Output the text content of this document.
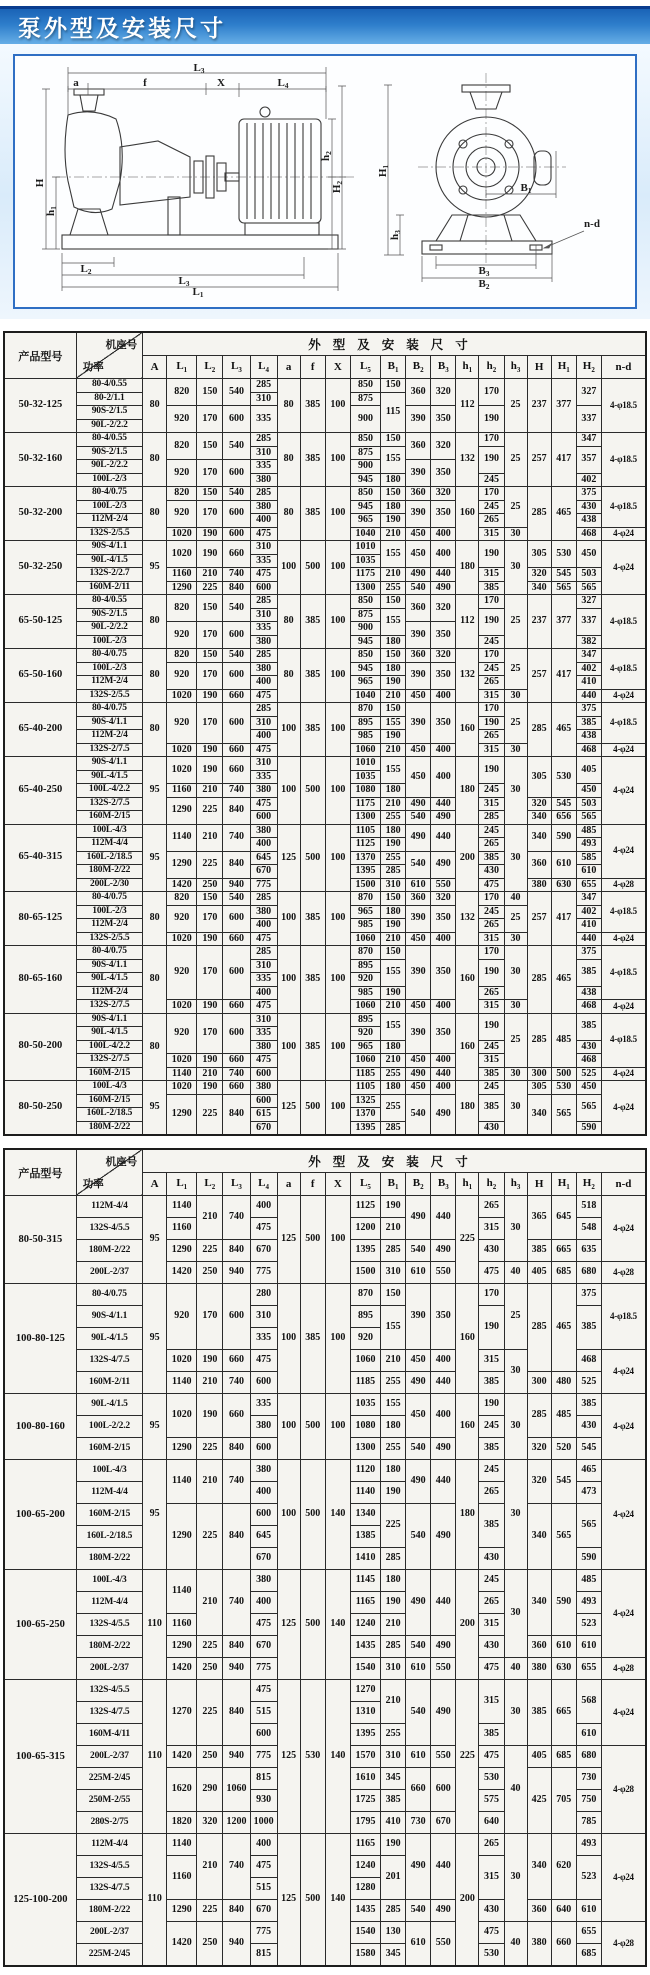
泵外型及安装尺寸
L3
a	f	X	L4
h2
H2
H1
B1
h1
H
h3
n-d
L2
L3
L1
B3
B2
产品型号	机座号
功率	外型及安装尺寸																		
		A	$L_1$	$L_2$	$L_3$	$L_4$	a	f	X	$L_5$	$B_1$	$B_2$	$B_3$	$h_1$	$h_2$	$h_3$	H	$H_1$	$H_2$	n-d
50-32-125	80-4/0.55	80	820	150	540	285	80	385	100	850	150	360	320	112	170	25	237	377	327	4-φ18.5
	80-2/1.1					310				875	115									
	90S-2/1.5		920	170	600	335				900		390	350		190				337	
	90L-2/2.2																			
50-32-160	80-4/0.55	80	820	150	540	285	80	385	100	850	150	360	320	132	170	25	257	417	347	4-φ18.5
	90S-2/1.5					310				875	155				190				357	
	90L-2/2.2		920	170	600	335				900		390	350							
	100L-2/3					380				945	180				245				402	
50-32-200	80-4/0.75	80	820	150	540	285	80	385	100	850	150	360	320	160	170	25	285	465	375	4-φ18.5
	100L-2/3		920	170	600	380				945	180	390	350		245				430	
	112M-2/4					400				965	190				265				438	
	132S-2/5.5		1020	190	600	475				1040	210	450	400		315	30			468	4-φ24
50-32-250	90S-4/1.1	95	1020	190	660	310	100	500	100	1010	155	450	400	180	190	30	305	530	450	4-φ24
	90L-4/1.5					335				1035										
	132S-2/2.7		1160	210	740	475				1175	210	490	440		315		320	545	503	
	160M-2/11		1290	225	840	600				1300	255	540	490		385		340	565	565	
65-50-125	80-4/0.55	80	820	150	540	285	80	385	100	850	150	360	320	112	170	25	237	377	327	4-φ18.5
	90S-2/1.5					310				875	155				190				337	
	90L-2/2.2		920	170	600	335				900		390	350							
	100L-2/3					380				945	180				245				382	
65-50-160	80-4/0.75	80	820	150	540	285	80	385	100	850	150	360	320	132	170	25	257	417	347	4-φ18.5
	100L-2/3		920	170	600	380				945	180	390	350		245				402	
	112M-2/4					400				965	190				265				410	
	132S-2/5.5		1020	190	660	475				1040	210	450	400		315	30			440	4-φ24
65-40-200	80-4/0.75	80	920	170	600	285	100	385	100	870	150	390	350	160	170	25	285	465	375	4-φ18.5
	90S-4/1.1					310				895	155				190				385	
	112M-2/4					400				985	190				265				438	
	132S-2/7.5		1020	190	660	475				1060	210	450	400		315	30			468	4-φ24
65-40-250	90S-4/1.1	95	1020	190	660	310	100	500	100	1010	155	450	400	180	190	30	305	530	405	4-φ24
	90L-4/1.5					335				1035										
	100L-4/2.2		1160	210	740	380				1080	180				245				450	
	132S-2/7.5		1290	225	840	475				1175	210	490	440		315		320	545	503	
	160M-2/15					600				1300	255	540	490		285		340	656	565	
65-40-315	100L-4/3	95	1140	210	740	380	125	500	100	1105	180	490	440	200	245	30	340	590	485	4-φ24
	112M-4/4					400				1125	190				265				493	
	160L-2/18.5		1290	225	840	645				1370	255	540	490		385		360	610	585	
	180M-2/22					670				1395	285				430				610	
	200L-2/30		1420	250	940	775				1500	310	610	550		475		380	630	655	4-φ28
80-65-125	80-4/0.75	80	820	150	540	285	100	385	100	870	150	360	320	132	170	40	257	417	347	4-φ18.5
	100L-2/3		920	170	600	380				965	180	390	350		245	25			402	
	112M-2/4					400				985	190				265				410	
	132S-2/5.5		1020	190	660	475				1060	210	450	400		315	30			440	4-φ24
80-65-160	80-4/0.75	80	920	170	600	285	100	385	100	870	150	390	350	160	170	30	285	465	375	4-φ18.5
	90S-4/1.1					310				895	155				190				385	
	90L-4/1.5					335				920										
	112M-2/4					400				985	190				265				438	
	132S-2/7.5		1020	190	660	475				1060	210	450	400		315	30			468	4-φ24
80-50-200	90S-4/1.1	80	920	170	600	310	100	385	100	895	155	390	350	160	190	25	285	485	385	4-φ18.5
	90L-4/1.5					335				920										
	100L-4/2.2					380				965	180				245				430	
	132S-2/7.5		1020	190	660	475				1060	210	450	400		315				468	
	160M-2/15		1140	210	740	600				1185	255	490	440		385	30	300	500	525	4-φ24
80-50-250	100L-4/3	95	1020	190	660	380	125	500	100	1105	180	450	400	180	245	30	305	530	450	4-φ24
	160M-2/15		1290	225	840	600				1325	255	540	490		385		340	565	565	
	160L-2/18.5					615				1370										
	180M-2/22					670				1395	285				430				590	
产品型号	机座号
功率	外型及安装尺寸																		
		A	$L_1$	$L_2$	$L_3$	$L_4$	a	f	X	$L_5$	$B_1$	$B_2$	$B_3$	$h_1$	$h_2$	$h_3$	H	$H_1$	$H_2$	n-d
80-50-315	112M-4/4	95	1140	210	740	400	125	500	100	1125	190	490	440	225	265	30	365	645	518	4-φ24
	132S-4/5.5		1160			475				1200	210				315				548	
	180M-2/22		1290	225	840	670				1395	285	540	490		430		385	665	635	
	200L-2/37		1420	250	940	775				1500	310	610	550		475	40	405	685	680	4-φ28
100-80-125	80-4/0.75	95	920	170	600	280	100	385	100	870	150	390	350	160	170	25	285	465	375	4-φ18.5
	90S-4/1.1					310				895	155				190				385	
	90L-4/1.5					335				920										
	132S-4/7.5		1020	190	660	475				1060	210	450	400		315	30			468	4-φ24
	160M-2/11		1140	210	740	600				1185	255	490	440		385		300	480	525	
100-80-160	90L-4/1.5	95	1020	190	660	335	100	500	100	1035	155	450	400	160	190	30	285	485	385	4-φ24
	100L-2/2.2					380				1080	180				245				430	
	160M-2/15		1290	225	840	600				1300	255	540	490		385		320	520	545	
100-65-200	100L-4/3	95	1140	210	740	380	100	500	140	1120	180	490	440	180	245	30	320	545	465	4-φ24
	112M-4/4					400				1140	190				265				473	
	160M-2/15		1290	225	840	600				1340	225	540	490		385		340	565	565	
	160L-2/18.5					645				1385										
	180M-2/22					670				1410	285				430				590	
100-65-250	100L-4/3	110	1140	210	740	380	125	500	140	1145	180	490	440	200	245	30	340	590	485	4-φ24
	112M-4/4					400				1165	190				265				493	
	132S-4/5.5		1160			475				1240	210				315				523	
	180M-2/22		1290	225	840	670				1435	285	540	490		430		360	610	610	
	200L-2/37		1420	250	940	775				1540	310	610	550		475	40	380	630	655	4-φ28
100-65-315	132S-4/5.5	110	1270	225	840	475	125	530	140	1270	210	540	490	225	315	30	385	665	568	4-φ24
	132S-4/7.5					515				1310										
	160M-4/11					600				1395	255				385				610	
	200L-2/37		1420	250	940	775				1570	310	610	550		475	40	405	685	680	4-φ28
	225M-2/45		1620	290	1060	815				1610	345	660	600		530		425	705	730	
	250M-2/55					930				1725	385				575				750	
	280S-2/75		1820	320	1200	1000				1795	410	730	670		640				785	
125-100-200	112M-4/4	110	1140	210	740	400	125	500	140	1165	190	490	440	200	265	30	340	620	493	4-φ24
	132S-4/5.5		1160			475				1240	201				315				523	
	132S-4/7.5					515				1280										
	180M-2/22		1290	225	840	670				1435	285	540	490		430		360	640	610	
	200L-2/37		1420	250	940	775				1540	130	610	550		475	40	380	660	655	4-φ28
	225M-2/45					815				1580	345				530				685	
